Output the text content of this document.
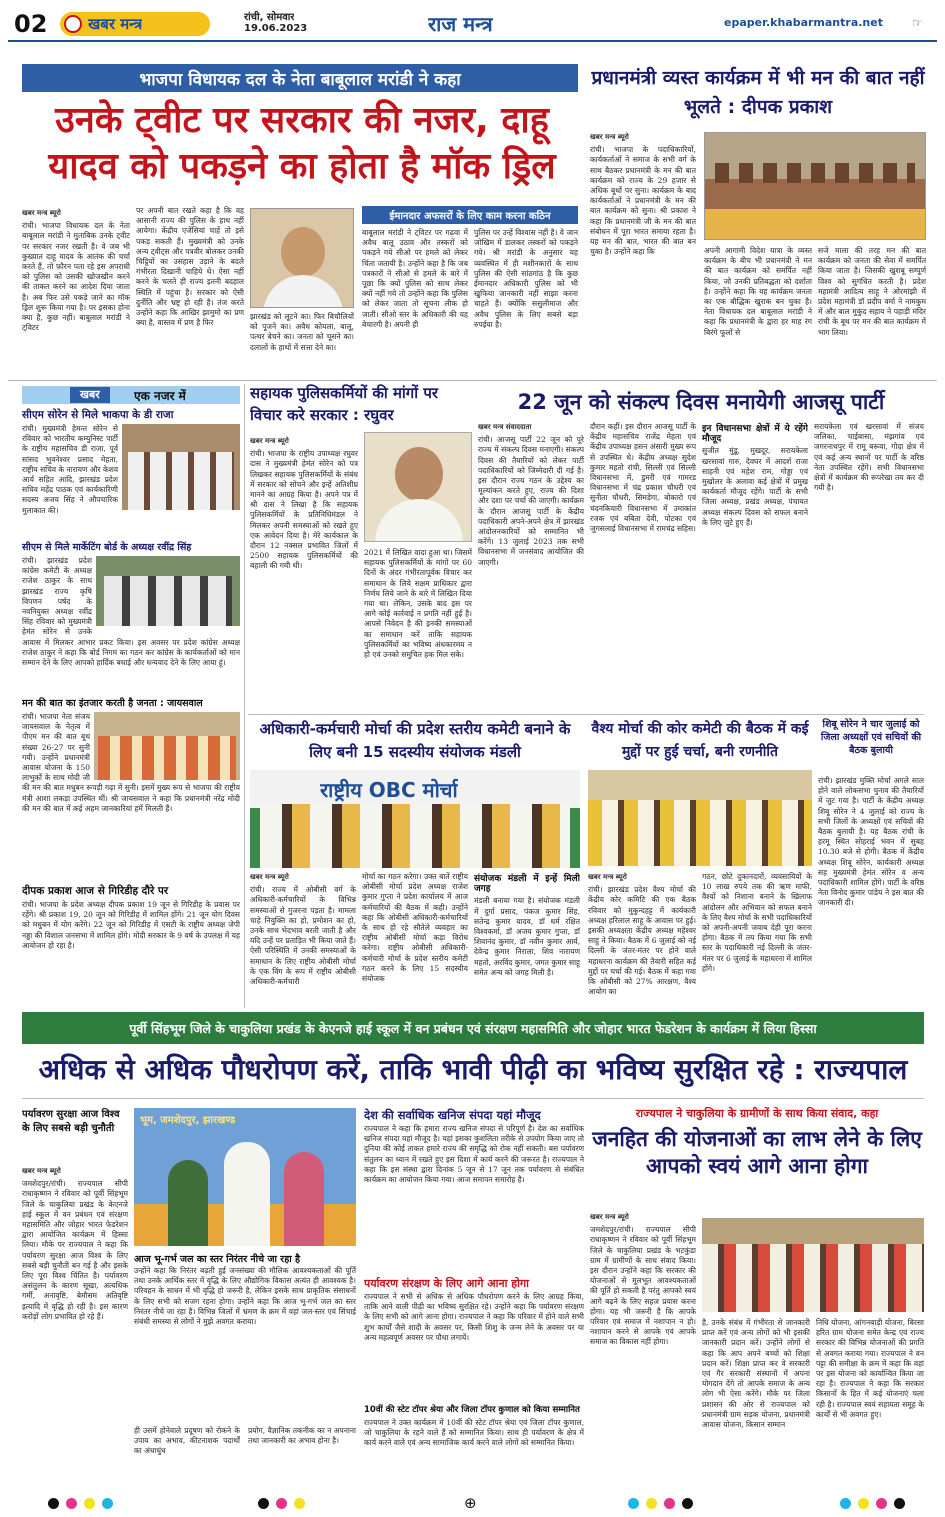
02	खबर मन्त्र	रांची, सोमवार
19.06.2023	राज मन्त्र	epaper.khabarmantra.net ☞
भाजपा विधायक दल के नेता बाबूलाल मरांडी ने कहा
उनके ट्वीट पर सरकार की नजर, दाहू यादव को पकड़ने का होता है मॉक ड्रिल
खबर मन्त्र ब्यूरो
रांची। भाजपा विधायक दल के नेता बाबूलाल मरांडी ने मुताबिक उनके ट्वीट पर सरकार नजर रखती है। वे जब भी कुख्यात दाहू यादव के आतंक की चर्चा करते हैं, तो फ़ौरन पता रहे इस अपराधी को पुलिस को उसकी खोजखीन करने की ताकत करने का आदेश दिया जाता है। अब फिर उसे पकड़े जाने का मॉक ड्रिल शुरू किया गया है। पर इसका होना क्या है, कुछ नहीं। बाबूलाल मरांडी ने ट्विटर
पर अपनी बात रखते कहा है कि वह आसानी राज्य की पुलिस के हाथ नहीं आयेगा। केंद्रीय एजेंसियां चाहें तो इसे पकड़ सकती हैं। मुख्यमंत्री को उनके अन्य ट्वीट्स और पत्रवीर बोलकर उनकी चिट्ठियों का उसहास उड़ाने के बदले गंभीरता दिखानी चाहिये थे। ऐसा नहीं करने के चलते ही राज्य इतनी बदहाल स्थिति में पहुंचा है। सरकार को ऐसी दुर्नीति और भ्रष्ट्र हो रही है। तंज करते उन्होंने कहा कि आखिर झामुमो का प्रण क्या है, वास्तव में प्रण है फिर
झारखंड को लूटने का। फिर बिचौलियों को पूजने का। अवैध कोयला, बालू, पत्थर बेचने का। जनता को चूसने का। दलालों के हाथों में सत्ता देने का।
ईमानदार अफसरों के लिए काम करना कठिन
बाबूलाल मरांडी ने ट्विटर पर गढ़वा में अवैध बालू उठाव और तस्करों को पकड़ने गये सीओ पर हमले को लेकर चिंता जतायी है। उन्होंने कहा है कि जब पत्रकारों ने सीओ से हमले के बारे में पूछा कि क्यों पुलिस को साथ लेकर क्यों नहीं गये तो उन्होंने कहा कि पुलिस को लेकर जाता तो सूचना लीक हो जाती। सीओ स्तर के अधिकारी की यह बेचारगी है। अपनी ही
पुलिस पर उन्हें विश्वास नहीं है। वे जान जोखिम में डालकर तस्करों को पकड़ने गये। श्री मरांडी के अनुसार यह व्यवस्थित में ही मशीनकारों के साथ पुलिस की ऐसी सांठगांठ है कि कुछ ईमानदार अधिकारी पुलिस को भी खुफिया जानकारी नहीं साझा करना चाहते हैं। क्योंकि ससुलीमाज और अवैध पुलिस के लिए सबसे बड़ा रुपईया है।
प्रधानमंत्री व्यस्त कार्यक्रम में भी मन की बात नहीं भूलते : दीपक प्रकाश
खबर मन्त्र ब्यूरो
रांची। भाजपा के पदाधिकारियों, कार्यकर्ताओं ने समाज के सभी वर्ग के साथ बैठकर प्रधानमंत्री के मन की बात कार्यक्रम को राज्य के 29 हजार से अधिक बूथों पर सुना। कार्यक्रम के बाद कार्यकर्ताओं ने प्रधानमंत्री के मन की बात कार्यक्रम को सुना। श्री प्रकाश ने कहा कि प्रधानमंत्री जी के मन की बात संबोधन में पूरा भारत समाया रहता है। यह मन की बात, भारत की बात बन चुका है। उन्होंने कहा कि	अपनी आगामी विदेश यात्रा के व्यस्त कार्यक्रम के बीच भी प्रधानमंत्री ने मन की बात कार्यक्रम को समर्पित नहीं किया, जो उनकी प्रतिबद्धता को दर्शाता है। उन्होंने कहा कि यह कार्यक्रम जनता का एक बौद्धिक खुराक बन चुका है। नेता विधायक दल बाबूलाल मरांडी ने कहा कि प्रधानमंत्री के द्वारा हर माह रंग बिरंगे फूलों से
सजे माला की तरह मन की बात कार्यक्रम को जनता की सेवा में समर्पित किया जाता है। जिसकी खुशबू सम्पूर्ण विश्व को सुगंधित करती है। प्रदेश महामंत्री आदित्य साहू ने ओरमांझी में प्रदेश महामंत्री डॉ प्रदीप वर्मा ने नामकुम में और बाल मुकुंद सहाय ने पहाड़ी मंदिर रांची के बूथ पर मन की बात कार्यक्रम में भाग लिया।
खबर	एक नजर में
सीएम सोरेन से मिले भाकपा के डी राजा
रांची। मुख्यमंत्री हेमन्त सोरेन से रविवार को भारतीय कम्युनिस्ट पार्टी के राष्ट्रीय महासचिव डी राजा, पूर्व सांसद भुवनेश्वर प्रसाद मेहता, राष्ट्रीय सचिव के नारायण और केशव आर्य सहित आदि, झारखंड प्रदेश सचिव महेंद्र पाठक एवं कार्यकारिणी सदस्य अजय सिंह ने औपचारिक मुलाकात की।
सीएम से मिले मार्केटिंग बोर्ड के अध्यक्ष रवींद्र सिंह
रांची। झारखंड प्रदेश कांग्रेस कमेटी के अध्यक्ष राजेश ठाकुर के साथ झारखंड राज्य कृषि विपणन पर्षद के नवनियुक्त अध्यक्ष रवींद्र सिंह रविवार को मुख्यमंत्री हेमंत सोरेन से उनके आवास में मिलकर आभार प्रकट किया। इस अवसर पर प्रदेश कांग्रेस अध्यक्ष राजेश ठाकुर ने कहा कि बोर्ड निगम का गठन कर कांग्रेस के कार्यकर्ताओं को मान सम्मान देने के लिए आपको हार्दिक बधाई और धन्यवाद देने के लिए आया हूं।
मन की बात का इंतजार करती है जनता : जायसवाल
रांची। भाजपा नेता संजय जायसवाल के नेतृत्व में पीएम मन की बात बूथ संख्या 26-27 पर सुनी गयी। उन्होंने प्रधानमंत्री आवास योजना के 150 लाभुकों के साथ मोदी जी की मन की बात मधुबन रूपड़ी गढ़ा में सुनी। इसमें मुख्य रूप से भाजपा की राष्ट्रीय मंत्री आशा लकड़ा उपस्थित थीं। श्री जायसवाल ने कहा कि प्रधानमंत्री नरेंद्र मोदी की मन की बात में कई अहम जानकारियां हमें मिलती हैं।
दीपक प्रकाश आज से गिरिडीह दौरे पर
रांची। भाजपा के प्रदेश अध्यक्ष दीपक प्रकाश 19 जून से गिरिडीह के प्रवास पर रहेंगे। श्री प्रकाश 19, 20 जून को गिरिडीह में शामिल होंगे। 21 जून योग दिवस को मधुबन में योग करेंगे। 22 जून को गिरिडीह में एसटी के राष्ट्रीय अध्यक्ष जेपी नड्डा की विशाल जनसभा में शामिल होंगे। मोदी सरकार के 9 वर्ष के उपलक्ष में यह आयोजन हो रहा है।
सहायक पुलिसकर्मियों की मांगों पर विचार करे सरकार : रघुवर
खबर मन्त्र ब्यूरो
रांची। भाजपा के राष्ट्रीय उपाध्यक्ष रघुवर दास ने मुख्यमंत्री हेमंत सोरेन को पत्र लिखकर सहायक पुलिसकर्मियों के संबंध में सरकार को सोचने और इन्हें अतिशीघ्र मानने का आग्रह किया है। अपने पत्र में श्री दास ने लिखा है कि सहायक पुलिसकर्मियों के प्रतिनिधिमंडल ने मिलकर अपनी समस्याओं को रखते हुए एक आवेदन दिया है। मेरे कार्यकाल के दौरान 12 नक्सल प्रभावित जिलों में 2500 सहायक पुलिसकर्मियों की बहाली की गयी थी।
2021 में लिखित वादा हुआ था। जिसमें सहायक पुलिसकर्मियों के मांगों पर 60 दिनों के अंदर गंभीरतापूर्वक विचार कर समाधान के लिये सक्षम प्राधिकार द्वारा निर्णय लिये जाने के बारे में लिखित दिया गया था। लेकिन, उसके बाद इस पर आगे कोई कार्रवाई न प्रगति नहीं हुई है। आपसे निवेदन है की इनकी समस्याओं का समाधान करें ताकि सहायक पुलिसकर्मियों का भविष्य अंधकारमय न हो एवं उनको समुचित हक मिल सके।
22 जून को संकल्प दिवस मनायेगी आजसू पार्टी
खबर मन्त्र संवाददाता
रांची। आजसू पार्टी 22 जून को पूरे राज्य में संकल्प दिवस मनाएगी। संकल्प दिवस की तैयारियों को लेकर पार्टी पदाधिकारियों को जिम्मेदारी दी गई है। इस दौरान राज्य गठन के उद्देश्य का मूल्यांकन करते हुए, राज्य की दिशा और दशा पर चर्चा की जाएगी। कार्यक्रम के दौरान आजसू पार्टी के केंद्रीय पदाधिकारी अपने-अपने क्षेत्र में झारखंड आंदोलनकारियों को सम्मानित भी करेंगे। 13 जुलाई 2023 तक सभी विधानसभा में जनसंवाद आयोजित की जाएगी।
दौरान कहीं। इस दौरान आजसू पार्टी के केंद्रीय महासचिव राजेंद्र मेहता एवं केंद्रीय उपाध्यक्ष हसन अंसारी मुख्य रूप से उपस्थित थे। केंद्रीय अध्यक्ष सुदेश कुमार महतो रांची, सिल्ली एवं सिल्ली विधानसभा में, डुमरी एवं गामरड विधानसभा में चंद्र प्रकाश चौधरी एवं सुनीता चौधरी, सिमडेगा, बोकारो एवं चंदनकियारी विधानसभा में उमाकांत रजक एवं बबिता देवी, पोटका एवं जुगसलाई विधानसभा में रामचंद्र सहिस।
इन विधानसभा क्षेत्रों में ये रहेंगे मौजूद
सुजीत मुंडू, मुखदूर, सरायकेला खरसावां गारु, देवघर में आदर्श राजा साहनी एवं महेश राम, गोड्डा एवं मुखोलर के अलावा कई क्षेत्रों में प्रमुख कार्यकर्ता मौजूद रहेंगे। पार्टी के सभी जिला अध्यक्ष, प्रखंड अध्यक्ष, पंचायत अध्यक्ष संकल्प दिवस को सफल बनाने के लिए जुटे हुए हैं।
सरायकेला एवं खरसावां में संजय जलिका, चाईबासा, मंझगांव एवं जगरनाथपुर में रामू बरूवा, गोदा क्षेत्र में एवं कई अन्य स्थानों पर पार्टी के वरिष्ठ नेता उपस्थित रहेंगे। सभी विधानसभा क्षेत्रों में कार्यक्रम की रूपरेखा तय कर दी गयी है।
अधिकारी-कर्मचारी मोर्चा की प्रदेश स्तरीय कमेटी बनाने के लिए बनी 15 सदस्यीय संयोजक मंडली
राष्ट्रीय OBC मोर्चा
खबर मन्त्र ब्यूरो
रांची। राज्य में ओबीसी वर्ग के अधिकारी-कर्मचारियों के विभिन्न समस्याओं से गुजरना पड़ता है। मामला चाहे नियुक्ति का हो, प्रमोशन का हो, उनके साथ भेदभाव बरती जाती है और यदि उन्हें पर प्रताड़ित भी किया जाते हैं। ऐसी परिस्थिति में उनकी समस्याओं के समाधान के लिए राष्ट्रीय ओबीसी मोर्चा के एक विंग के रूप में राष्ट्रीय ओबीसी अधिकारी-कर्मचारी
मोर्चा का गठन करेगा। उक्त बातें राष्ट्रीय ओबीसी मोर्चा प्रदेश अध्यक्ष राजेश कुमार गुप्ता ने प्रदेश कार्यालय में आज कर्मचारियों की बैठक में कही। उन्होंने कहा कि ओबीसी अधिकारी-कर्मचारियों के साथ हो रहे सौतेले व्यवहार का राष्ट्रीय ओबीसी मोर्चा कड़ा विरोध करेगा। राष्ट्रीय ओबीसी अधिकारी-कर्मचारी मोर्चा के प्रदेश स्तरीय कमेटी गठन करने के लिए 15 सदस्यीय संयोजक
संयोजक मंडली में इन्हें मिली जगह
मंडली बनाया गया है। संयोजक मंडली में दुर्गा प्रसाद, पंकज कुमार सिंह, सतेन्द्र कुमार यादव, डॉ धर्म रक्षित विश्वकर्मा, डॉ अजय कुमार गुप्ता, डॉ शिवानंद कुमार, डॉ नवीन कुमार आर्य, देवेन्द्र कुमार निराला, शिव नारायण महतो, अरविंद कुमार, जगत कुमार साहू समेत अन्य को जगह मिली है।
वैश्य मोर्चा की कोर कमेटी की बैठक में कई मुद्दों पर हुई चर्चा, बनी रणनीति
खबर मन्त्र ब्यूरो
रांची। झारखंड प्रदेश वैश्य मोर्चा की केंद्रीय कोर कमिटि की एक बैठक रविवार को मुकुन्दहट्ट में कार्यकारी अध्यक्ष हरिलाल साहू के आवास पर हुई। इसकी अध्यक्षता केंद्रीय अध्यक्ष महेश्वर साहु ने किया। बैठक में 6 जुलाई को नई दिल्ली के जंतर-मंतर पर होने वाले महाधरना कार्यक्रम की तैयारी सहित कई मुद्दों पर चर्चा की गई। बैठक में कहा गया कि ओबीसी को 27% आरक्षण, वैश्य आयोग का
गठन, छोटे दुकानदारों, व्यवसायियों के 10 लाख रुपये तक की ऋण माफी, वैश्यों को निशाना बनाने के खिलाफ आंदोलन और अभियान को सफल बनाने के लिए वैश्य मोर्चा के सभी पदाधिकारियों को अपनी-अपनी जवाब देही पूरा करना होगा। बैठक में तय किया गया कि सभी स्तर के पदाधिकारी नई दिल्ली के जंतर-मंतर पर 6 जुलाई के महाधरना में शामिल होंगे।
शिबू सोरेन ने चार जुलाई को जिला अध्यक्षों एवं सचिवों की बैठक बुलायी
रांची। झारखंड मुक्ति मोर्चा अगले साल होने वाले लोकसभा चुनाव की तैयारियों में जुट गया है। पार्टी के केंद्रीय अध्यक्ष शिबू सोरेन ने 4 जुलाई को राज्य के सभी जिलों के अध्यक्षों एवं सचिवों की बैठक बुलायी है। यह बैठक रांची के हरमू स्थित सोहराई भवन में सुबह 10.30 बजे से होगी। बैठक में केंद्रीय अध्यक्ष शिबू सोरेन, कार्यकारी अध्यक्ष सह मुख्यमंत्री हेमंत सोरेन व अन्य पदाधिकारी शामिल होंगे। पार्टी के वरिष्ठ नेता विनोद कुमार पांडेय ने इस बात की जानकारी दी।
पूर्वी सिंहभूम जिले के चाकुलिया प्रखंड के केएनजे हाई स्कूल में वन प्रबंधन एवं संरक्षण महासमिति और जोहार भारत फेडरेशन के कार्यक्रम में लिया हिस्सा
अधिक से अधिक पौधरोपण करें, ताकि भावी पीढ़ी का भविष्य सुरक्षित रहे : राज्यपाल
पर्यावरण सुरक्षा आज विश्व के लिए सबसे बड़ी चुनौती
खबर मन्त्र ब्यूरो
जमशेदपुर/रांची। राज्यपाल सीपी राधाकृष्णन ने रविवार को पूर्वी सिंहभूम जिले के चाकुलिया प्रखंड के केएनजे हाई स्कूल में वन प्रबंधन एवं संरक्षण महासमिति और जोहार भारत फेडरेशन द्वारा आयोजित कार्यक्रम में हिस्सा लिया। मौके पर राज्यपाल ने कहा कि पर्यावरण सुरक्षा आज विश्व के लिए सबसे बड़ी चुनौती बन गई है और इसके लिए पूरा विश्व चिंतित है। पर्यावरण असंतुलन के कारण सूखा, अत्यधिक गर्मी, अनावृष्टि, बेमौसम अतिवृष्टि इत्यादि में वृद्धि हो रही है। इस कारण करोड़ों लोग प्रभावित हो रहे हैं।
भूम, जमशेदपुर, झारखण्ड
आज भू-गर्भ जल का स्तर निरंतर नीचे जा रहा है
उन्होंने कहा कि निरंतर बढ़ती हुई जनसंख्या की मौलिक आवश्यकताओं की पूर्ति तथा उनके आर्थिक स्तर में वृद्धि के लिए औद्योगिक विकास अत्यंत ही आवश्यक है। परिवहन के साधन में भी वृद्धि हो जरूरी है, लेकिन इसके साथ प्राकृतिक संसाधनों के लिए सभी को सजग रहना होगा। उन्होंने कहा कि आज भू-गर्भ जल का स्तर निरंतर नीचे जा रहा है। विभिन्न जिलों में भ्रमण के क्रम में वहां जल-स्तर एवं सिंचाई संबंधी समस्या से लोगों ने मुझे अवगत कराया।
ही उसमें होनेवाले प्रदूषण को रोकने के उपाय का अभाव, कीटनाशक पदार्थों का अंधाधुंध
प्रयोग, वैज्ञानिक तकनीक का न अपनाना तथा जानकारी का अभाव होना है।
देश की सर्वाधिक खनिज संपदा यहां मौजूद
राज्यपाल ने कहा कि हमारा राज्य खनिज संपदा से परिपूर्ण है। देश का सर्वाधिक खनिज संपदा यहां मौजूद है। यहां इसका कुशलिता तरीके से उपयोग किया जाए तो दुनिया की कोई ताकत हमारे राज्य की समृद्धि को रोक नहीं सकती। बस पर्यावरण संतुलन का ध्यान में रखते हुए इस दिशा में कार्य करने की जरूरत है। राज्यपाल ने कहा कि इस संस्था द्वारा दिनांक 5 जून से 17 जून तक पर्यावरण से संबंधित कार्यक्रम का आयोजन किया गया। आज समापन समारोह है।
पर्यावरण संरक्षण के लिए आगे आना होगा
राज्यपाल ने सभी से अधिक से अधिक पौधरोपण करने के लिए आग्रह किया, ताकि आने वाली पीढ़ी का भविष्य सुरक्षित रहे। उन्होंने कहा कि पर्यावरण संरक्षण के लिए सभी को आगे आना होगा। राज्यपाल ने कहा कि परिवार में होने वाले सभी शुभ कार्यों जैसे शादी के अवसर पर, किसी शिशु के जन्म लेने के अवसर पर या अन्य महत्वपूर्ण अवसर पर पौधा लगायें।
10वीं की स्टेट टॉपर श्रेया और जिला टॉपर कुणाल को किया सम्मानित
राज्यपाल ने उक्त कार्यक्रम में 10वीं की स्टेट टॉपर श्रेया एवं जिला टॉपर कुणाल, जो चाकुलिया के रहने वाले हैं को सम्मानित किया। साथ ही पर्यावरण के क्षेत्र में कार्य करने वाले एवं अन्य सामाजिक कार्य करने वाले लोगों को सम्मानित किया।
राज्यपाल ने चाकुलिया के ग्रामीणों के साथ किया संवाद, कहा
जनहित की योजनाओं का लाभ लेने के लिए आपको स्वयं आगे आना होगा
खबर मन्त्र ब्यूरो
जमशेदपुर/रांची। राज्यपाल सीपी राधाकृष्णन ने रविवार को पूर्वी सिंहभूम जिले के चाकुलिया प्रखंड के भटकुंडा ग्राम में ग्रामीणों के साथ संवाद किया। इस दौरान उन्होंने कहा कि सरकार की योजनाओं से मूलभूत आवश्यकताओं की पूर्ति हो सकती है परंतु आपको स्वयं आगे बढ़ने के लिए सहज प्रयास करना होगा। यह भी जरूरी है कि आपके परिवार एवं समाज में नशापान न हो। नशापान करने से आपके एवं आपके समाज का विकास नहीं होगा।
है, उनके संबंध में गंभीरता से जानकारी प्राप्त करें एवं अन्य लोगों को भी इसकी जानकारी प्रदान करें। उन्होंने लोगों से कहा कि आप अपने बच्चों को शिक्षा प्रदान करें। शिक्षा प्राप्त कर वे सरकारी एवं गैर सरकारी संस्थानों में अपना योगदान देंगे तो आपके समाज के अन्य लोग भी ऐसा करेंगे। मौके पर जिला प्रशासन की ओर से राज्यपाल को प्रधानमंत्री ग्राम सड़क योजना, प्रधानमंत्री आवास योजना, किसान सम्मान
निधि योजना, आंगनबाड़ी योजना, बिरसा हरित ग्राम योजना समेत केन्द्र एवं राज्य सरकार की विभिन्न योजनाओं की प्रगति से अवगत कराया गया। राज्यपाल ने वन पट्टा की समीक्षा के क्रम में कहा कि वहां पर इस योजना को कार्यान्वित किया जा रहा है। राज्यपाल ने कहा कि सरकार किसानों के हित में कई योजनाएं चला रही है। राज्यपाल स्वयं सहायता समूह के कार्यों से भी अवगत हुए।
⊕
